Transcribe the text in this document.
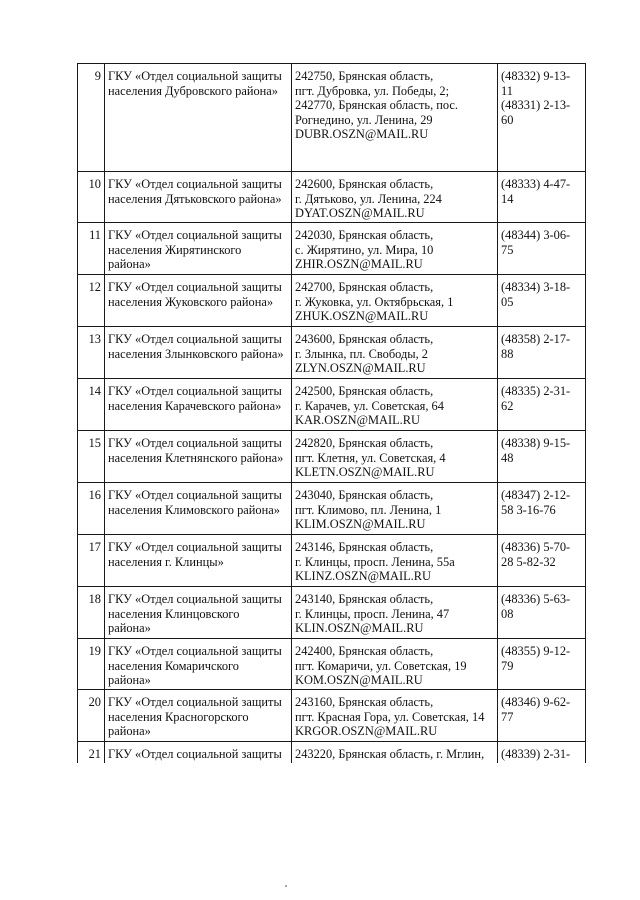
9	ГКУ «Отдел социальной защиты
населения Дубровского района»	242750, Брянская область,
пгт. Дубровка, ул. Победы, 2;
242770, Брянская область, пос.
Рогнедино, ул. Ленина, 29
DUBR.OSZN@MAIL.RU	(48332) 9-13-
11
(48331) 2-13-
60

10	ГКУ «Отдел социальной защиты
населения Дятьковского района»	242600, Брянская область,
г. Дятьково, ул. Ленина, 224
DYAT.OSZN@MAIL.RU	(48333) 4-47-
14

11	ГКУ «Отдел социальной защиты
населения Жирятинского
района»	242030, Брянская область,
с. Жирятино, ул. Мира, 10
ZHIR.OSZN@MAIL.RU	(48344) 3-06-
75

12	ГКУ «Отдел социальной защиты
населения Жуковского района»	242700, Брянская область,
г. Жуковка, ул. Октябрьская, 1
ZHUK.OSZN@MAIL.RU	(48334) 3-18-
05

13	ГКУ «Отдел социальной защиты
населения Злынковского района»	243600, Брянская область,
г. Злынка, пл. Свободы, 2
ZLYN.OSZN@MAIL.RU	(48358) 2-17-
88

14	ГКУ «Отдел социальной защиты
населения Карачевского района»	242500, Брянская область,
г. Карачев, ул. Советская, 64
KAR.OSZN@MAIL.RU	(48335) 2-31-
62

15	ГКУ «Отдел социальной защиты
населения Клетнянского района»	242820, Брянская область,
пгт. Клетня, ул. Советская, 4
KLETN.OSZN@MAIL.RU	(48338) 9-15-
48

16	ГКУ «Отдел социальной защиты
населения Климовского района»	243040, Брянская область,
пгт. Климово, пл. Ленина, 1
KLIM.OSZN@MAIL.RU	(48347) 2-12-
58 3-16-76

17	ГКУ «Отдел социальной защиты
населения г. Клинцы»	243146, Брянская область,
г. Клинцы, просп. Ленина, 55а
KLINZ.OSZN@MAIL.RU	(48336) 5-70-
28 5-82-32

18	ГКУ «Отдел социальной защиты
населения Клинцовского
района»	243140, Брянская область,
г. Клинцы, просп. Ленина, 47
KLIN.OSZN@MAIL.RU	(48336) 5-63-
08

19	ГКУ «Отдел социальной защиты
населения Комаричского
района»	242400, Брянская область,
пгт. Комаричи, ул. Советская, 19
KOM.OSZN@MAIL.RU	(48355) 9-12-
79

20	ГКУ «Отдел социальной защиты
населения Красногорского
района»	243160, Брянская область,
пгт. Красная Гора, ул. Советская, 14
KRGOR.OSZN@MAIL.RU	(48346) 9-62-
77

21	ГКУ «Отдел социальной защиты	243220, Брянская область, г. Мглин,	(48339) 2-31-
